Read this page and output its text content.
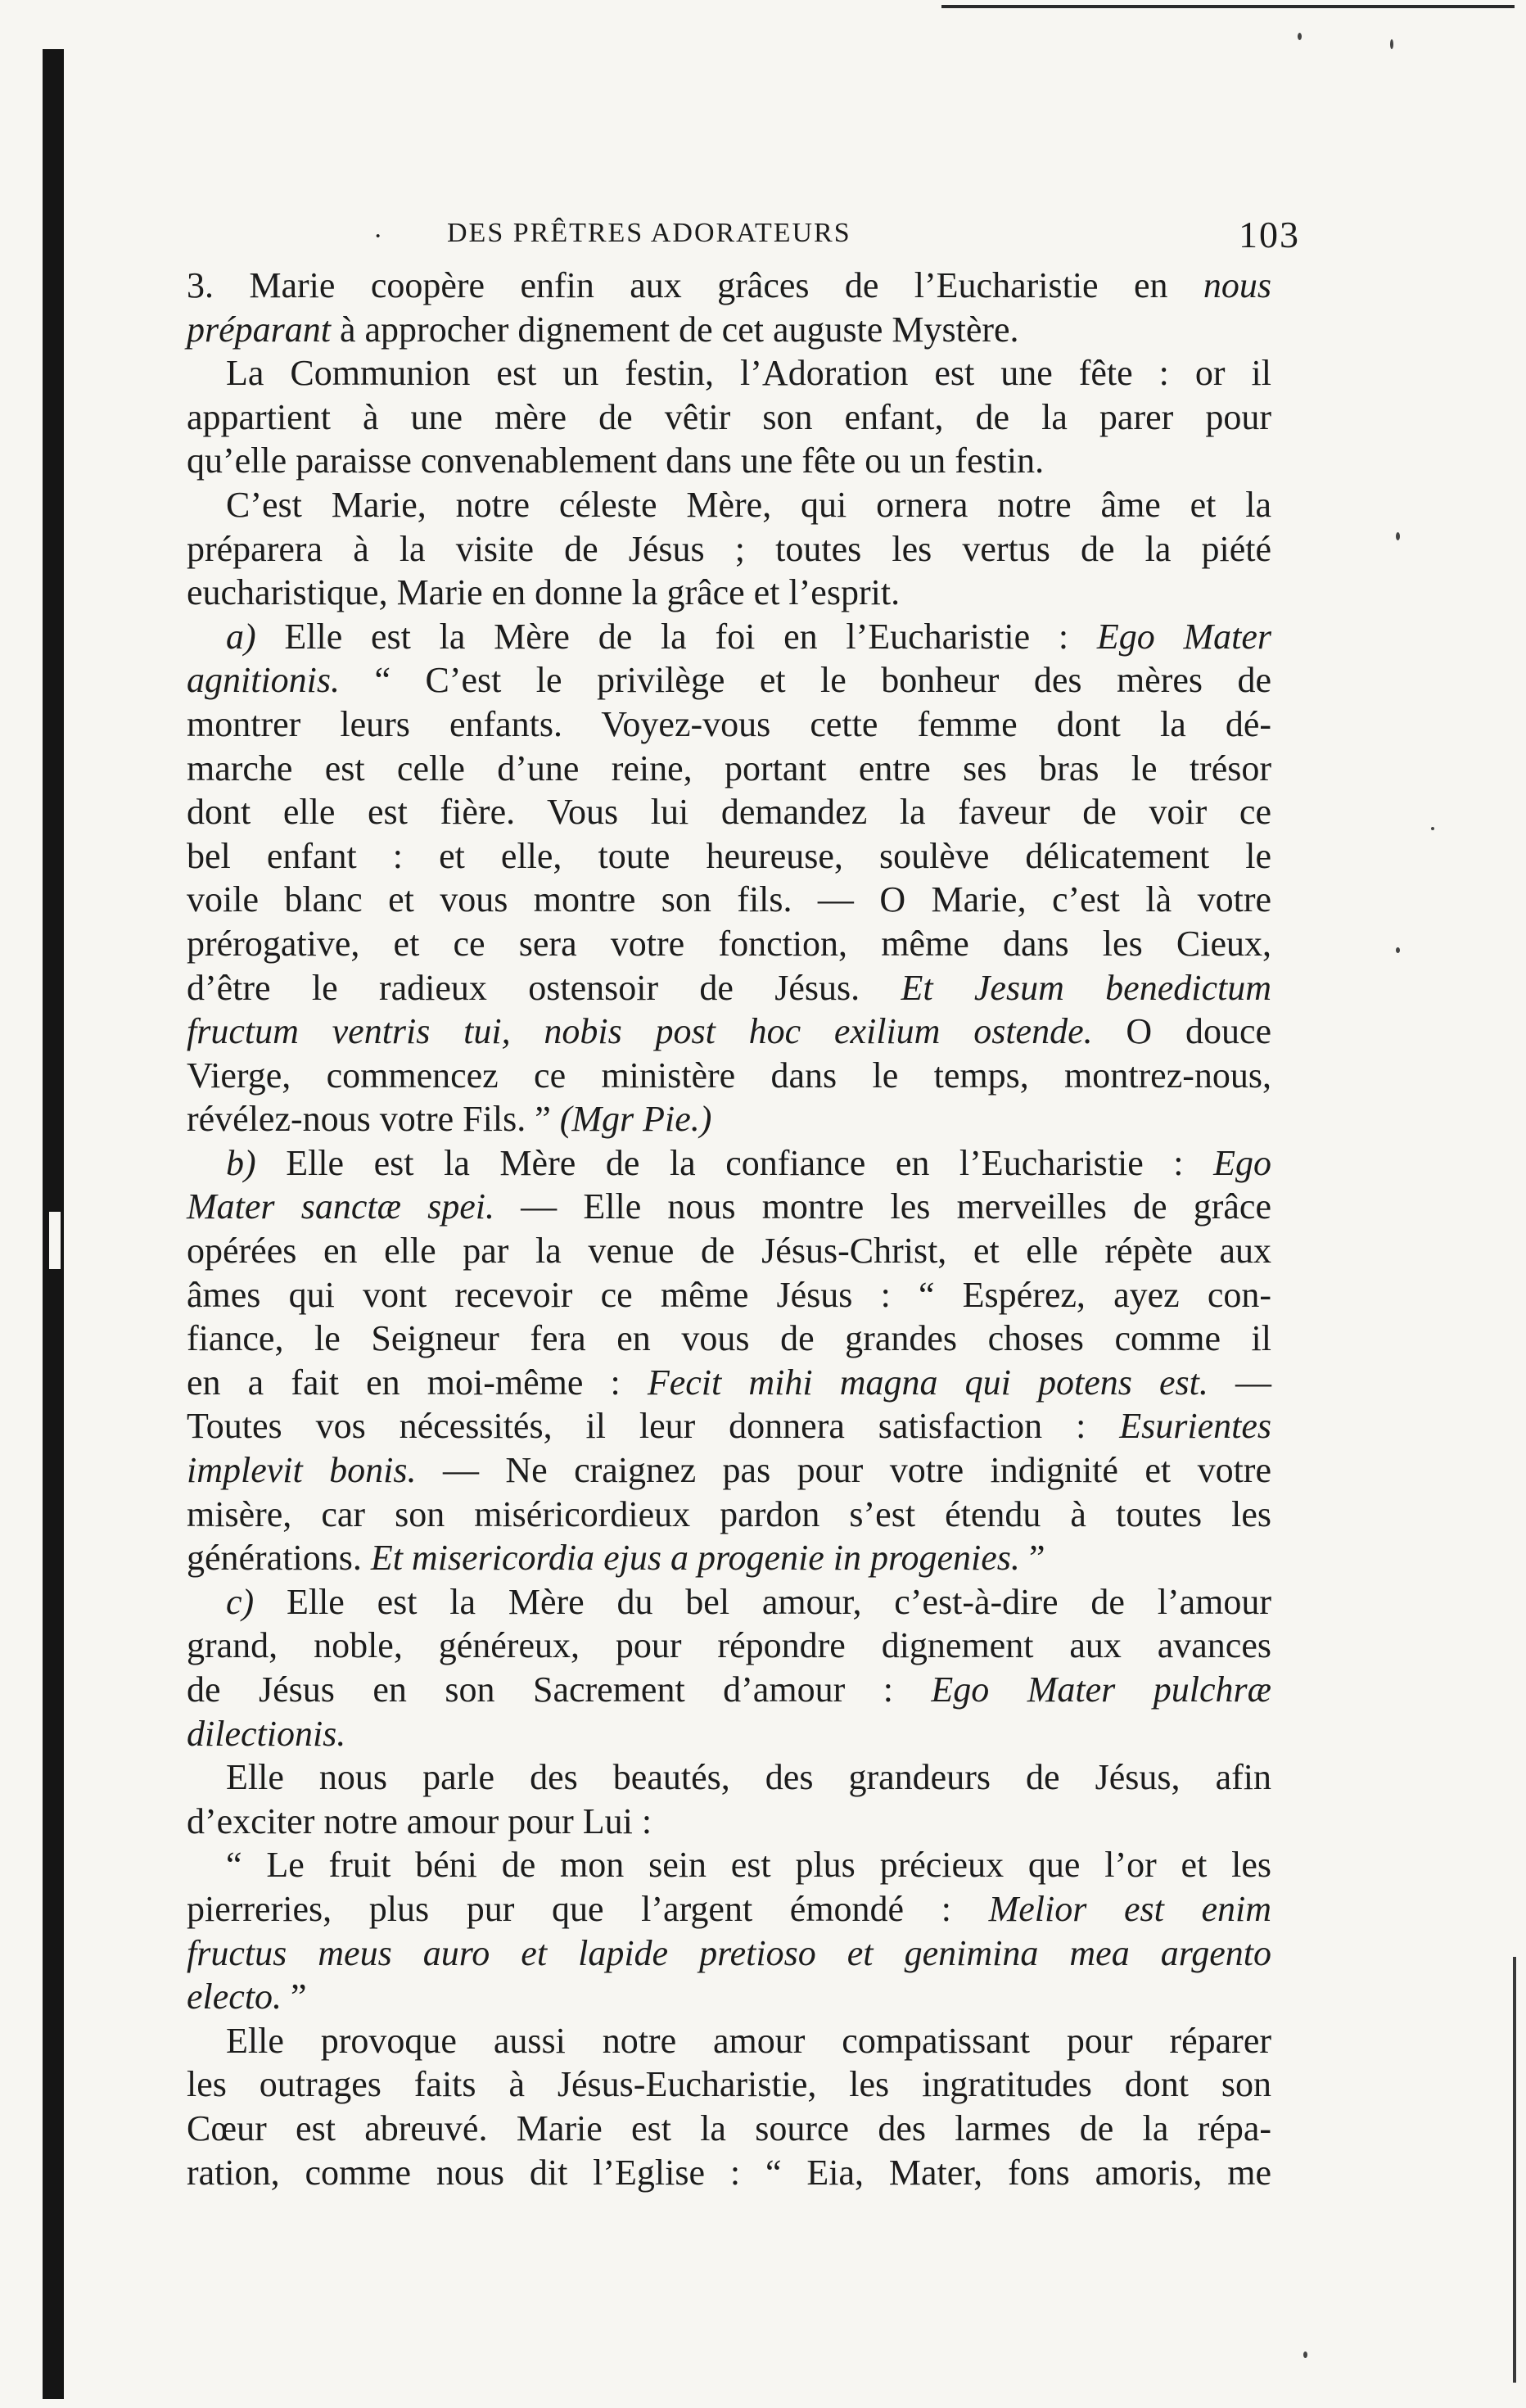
· DES PRÊTRES ADORATEURS	103
3. Marie coopère enfin aux grâces de l’Eucharistie en nous
préparant à approcher dignement de cet auguste Mystère.
La Communion est un festin, l’Adoration est une fête : or il
appartient à une mère de vêtir son enfant, de la parer pour
qu’elle paraisse convenablement dans une fête ou un festin.
C’est Marie, notre céleste Mère, qui ornera notre âme et la
préparera à la visite de Jésus ; toutes les vertus de la piété
eucharistique, Marie en donne la grâce et l’esprit.
a) Elle est la Mère de la foi en l’Eucharistie : Ego Mater
agnitionis. “ C’est le privilège et le bonheur des mères de
montrer leurs enfants. Voyez-vous cette femme dont la dé-
marche est celle d’une reine, portant entre ses bras le trésor
dont elle est fière. Vous lui demandez la faveur de voir ce
bel enfant : et elle, toute heureuse, soulève délicatement le
voile blanc et vous montre son fils. — O Marie, c’est là votre
prérogative, et ce sera votre fonction, même dans les Cieux,
d’être le radieux ostensoir de Jésus. Et Jesum benedictum
fructum ventris tui, nobis post hoc exilium ostende. O douce
Vierge, commencez ce ministère dans le temps, montrez-nous,
révélez-nous votre Fils. ” (Mgr Pie.)
b) Elle est la Mère de la confiance en l’Eucharistie : Ego
Mater sanctæ spei. — Elle nous montre les merveilles de grâce
opérées en elle par la venue de Jésus-Christ, et elle répète aux
âmes qui vont recevoir ce même Jésus : “ Espérez, ayez con-
fiance, le Seigneur fera en vous de grandes choses comme il
en a fait en moi-même : Fecit mihi magna qui potens est. —
Toutes vos nécessités, il leur donnera satisfaction : Esurientes
implevit bonis. — Ne craignez pas pour votre indignité et votre
misère, car son miséricordieux pardon s’est étendu à toutes les
générations. Et misericordia ejus a progenie in progenies. ”
c) Elle est la Mère du bel amour, c’est-à-dire de l’amour
grand, noble, généreux, pour répondre dignement aux avances
de Jésus en son Sacrement d’amour : Ego Mater pulchræ
dilectionis.
Elle nous parle des beautés, des grandeurs de Jésus, afin
d’exciter notre amour pour Lui :
“ Le fruit béni de mon sein est plus précieux que l’or et les
pierreries, plus pur que l’argent émondé : Melior est enim
fructus meus auro et lapide pretioso et genimina mea argento
electo. ”
Elle provoque aussi notre amour compatissant pour réparer
les outrages faits à Jésus-Eucharistie, les ingratitudes dont son
Cœur est abreuvé. Marie est la source des larmes de la répa-
ration, comme nous dit l’Eglise : “ Eia, Mater, fons amoris, me
